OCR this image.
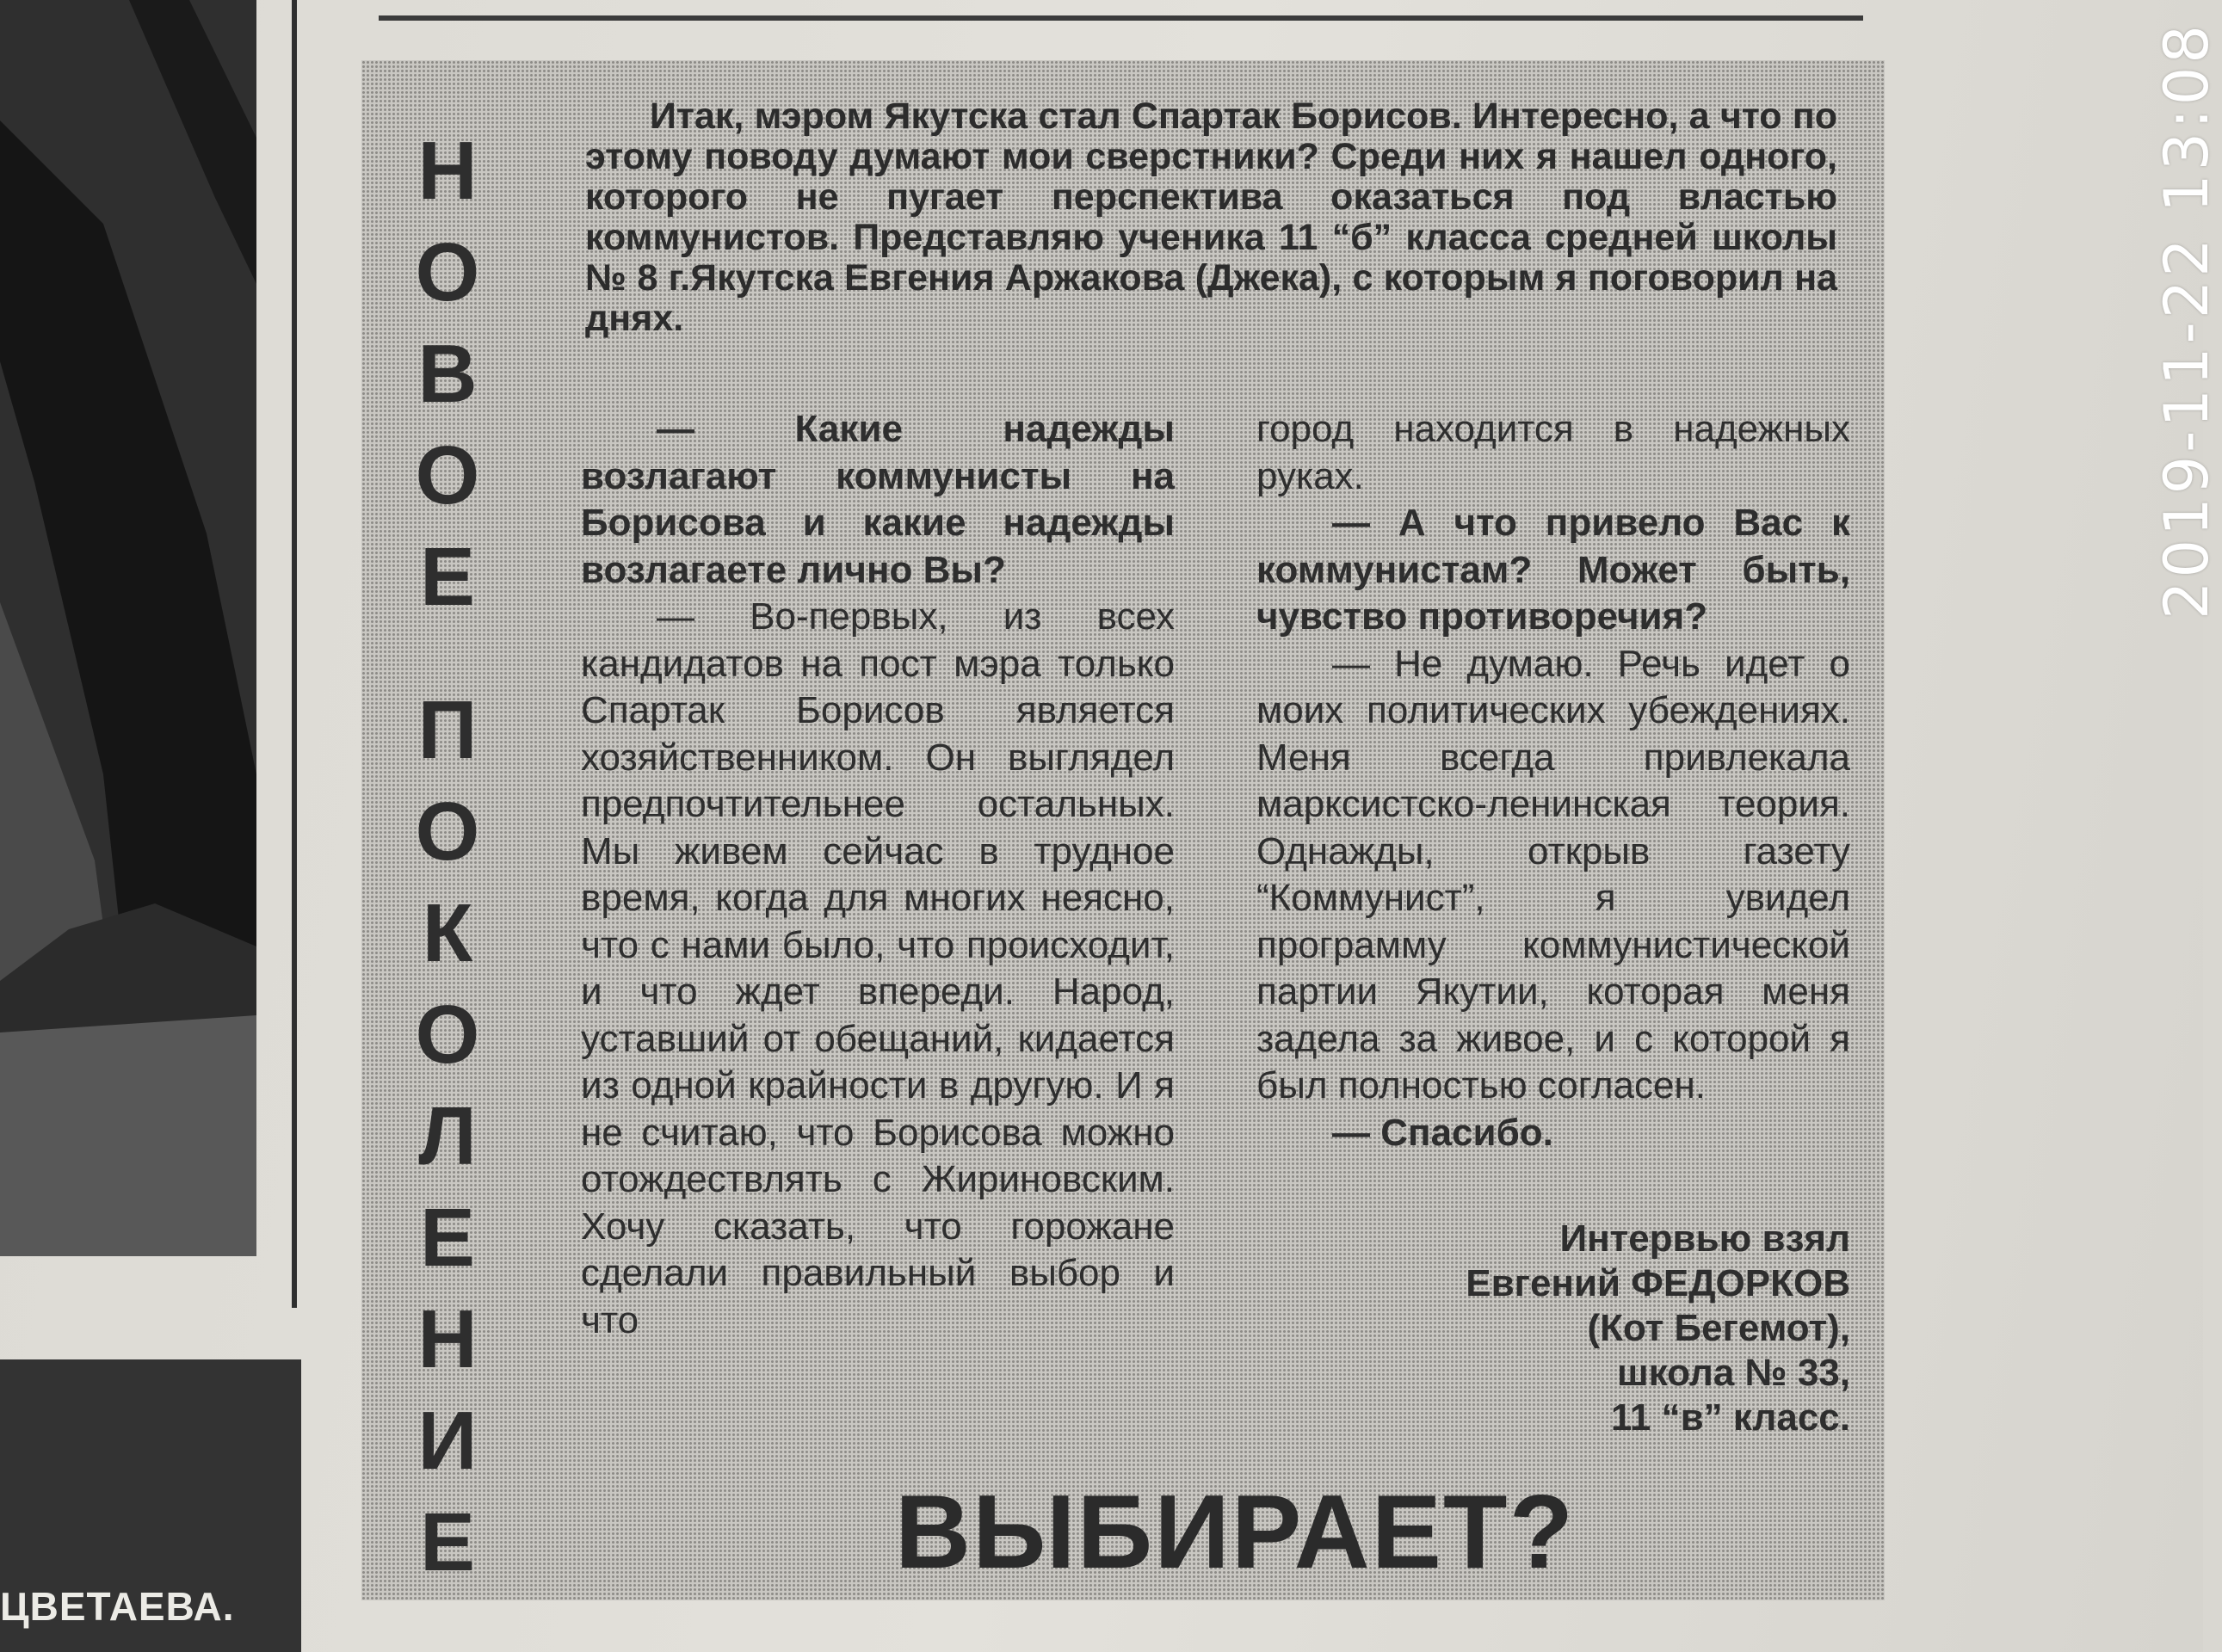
ЦВЕТАЕВА.
Н
О
В
О
Е
П
О
К
О
Л
Е
Н
И
Е
Итак, мэром Якутска стал Спартак Борисов. Интересно, а что по этому поводу думают мои сверстники? Среди них я нашел одного, которого не пугает перспектива оказаться под властью коммунистов. Представляю ученика 11 “б” класса средней школы № 8 г.Якутска Евгения Аржакова (Джека), с которым я поговорил на днях.

— Какие надежды возлагают коммунисты на Борисова и какие надежды возлагаете лично Вы?

— Во-первых, из всех кандидатов на пост мэра только Спартак Борисов является хозяйственником. Он выглядел предпочтительнее остальных. Мы живем сейчас в трудное время, когда для многих неясно, что с нами было, что происходит, и что ждет впереди. Народ, уставший от обещаний, кидается из одной крайности в другую. И я не считаю, что Борисова можно отождествлять с Жириновским. Хочу сказать, что горожане сделали правильный выбор и что

город находится в надежных руках.

— А что привело Вас к коммунистам? Может быть, чувство противоречия?

— Не думаю. Речь идет о моих политических убеждениях. Меня всегда привлекала марксистско-ленинская теория. Однажды, открыв газету “Коммунист”, я увидел программу коммунистической партии Якутии, которая меня задела за живое, и с которой я был полностью согласен.

— Спасибо.

Интервью взял
Евгений ФЕДОРКОВ
(Кот Бегемот),
школа № 33,
11 “в” класс.
ВЫБИРАЕТ?
2019-11-22 13:08
